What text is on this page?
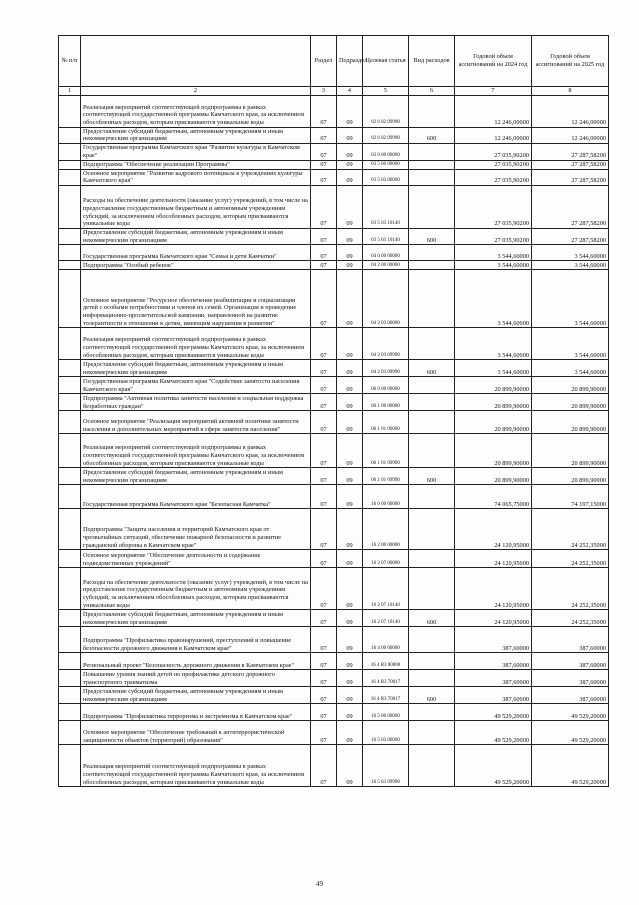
№ п/п		Раздел	Подраздел	Целевая статья	Вид расходов	Годовой объем ассигнований на 2024 год	Годовой объем ассигнований на 2025 год
1	2	3	4	5	6	7	8
	Реализация мероприятий соответствующей подпрограммы в рамках соответствующей государственной программы Камчатского края, за исключением обособленных расходов, которым присваиваются уникальные коды	07	09	02 6 02 09990		12 246,00000	12 246,00000
	Предоставление субсидий бюджетным, автономным учреждениям и иным некоммерческим организациям	07	09	02 6 02 09990	600	12 246,00000	12 246,00000
	Государственная программа Камчатского края "Развитие культуры в Камчатском крае"	07	09	03 0 00 00000		27 035,90200	27 287,58200
	Подпрограмма "Обеспечение реализации Программы"	07	09	03 5 00 00000		27 035,90200	27 287,58200
	Основное мероприятие "Развитие кадрового потенциала в учреждениях культуры Камчатского края"	07	09	03 5 03 00000		27 035,90200	27 287,58200
	Расходы на обеспечение деятельности (оказание услуг) учреждений, в том числе на предоставление государственным бюджетным и автономным учреждениям субсидий, за исключением обособленных расходов, которым присваиваются уникальные коды	07	09	03 5 03 10140		27 035,90200	27 287,58200
	Предоставление субсидий бюджетным, автономным учреждениям и иным некоммерческим организациям	07	09	03 5 03 10140	600	27 035,90200	27 287,58200
	Государственная программа Камчатского края "Семья и дети Камчатки"	07	09	04 0 00 00000		3 544,60000	3 544,60000
	Подпрограмма "Особый ребенок"	07	09	04 2 00 00000		3 544,60000	3 544,60000
	Основное мероприятие "Ресурсное обеспечение реабилитации и социализации детей с особыми потребностями и членов их семей. Организация и проведение информационно-просветительской кампании, направленной на развитие толерантности в отношении к детям, имеющим нарушения в развитии"	07	09	04 2 03 00000		3 544,60000	3 544,60000
	Реализация мероприятий соответствующей подпрограммы в рамках соответствующей государственной программы Камчатского края, за исключением обособленных расходов, которым присваиваются уникальные коды	07	09	04 2 03 09990		3 544,60000	3 544,60000
	Предоставление субсидий бюджетным, автономным учреждениям и иным некоммерческим организациям	07	09	04 2 03 09990	600	3 544,60000	3 544,60000
	Государственная программа Камчатского края "Содействие занятости населения Камчатского края"	07	09	06 0 00 00000		20 899,90000	20 899,90000
	Подпрограмма "Активная политика занятости населения и социальная поддержка безработных граждан"	07	09	06 1 00 00000		20 899,90000	20 899,90000
	Основное мероприятие "Реализация мероприятий активной политики занятости населения и дополнительных мероприятий в сфере занятости населения"	07	09	06 1 01 00000		20 899,90000	20 899,90000
	Реализация мероприятий соответствующей подпрограммы в рамках соответствующей государственной программы Камчатского края, за исключением обособленных расходов, которым присваиваются уникальные коды	07	09	06 1 01 09990		20 899,90000	20 899,90000
	Предоставление субсидий бюджетным, автономным учреждениям и иным некоммерческим организациям	07	09	06 1 01 09990	600	20 899,90000	20 899,90000
	Государственная программа Камчатского края "Безопасная Камчатка"	07	09	16 0 00 00000		74 065,75000	74 197,15000
	Подпрограмма "Защита населения и территорий Камчатского края от чрезвычайных ситуаций, обеспечение пожарной безопасности и развитие гражданской обороны в Камчатском крае"	07	09	16 2 00 00000		24 120,95000	24 252,35000
	Основное мероприятие "Обеспечение деятельности и содержание подведомственных учреждений"	07	09	16 2 07 00000		24 120,95000	24 252,35000
	Расходы на обеспечение деятельности (оказание услуг) учреждений, в том числе на предоставление государственным бюджетным и автономным учреждениям субсидий, за исключением обособленных расходов, которым присваиваются уникальные коды	07	09	16 2 07 10140		24 120,95000	24 252,35000
	Предоставление субсидий бюджетным, автономным учреждениям и иным некоммерческим организациям	07	09	16 2 07 10140	600	24 120,95000	24 252,35000
	Подпрограмма "Профилактика правонарушений, преступлений и повышение безопасности дорожного движения в Камчатском крае"	07	09	16 4 00 00000		387,60000	387,60000
	Региональный проект "Безопасность дорожного движения в Камчатском крае"	07	09	16 4 R3 00000		387,60000	387,60000
	Повышение уровня знаний детей по профилактике детского дорожного транспортного травматизма	07	09	16 4 R3 70017		387,60000	387,60000
	Предоставление субсидий бюджетным, автономным учреждениям и иным некоммерческим организациям	07	09	16 4 R3 70017	600	387,60000	387,60000
	Подпрограмма "Профилактика терроризма и экстремизма в Камчатском крае"	07	09	16 5 00 00000		49 529,20000	49 529,20000
	Основное мероприятие "Обеспечение требований к антитеррористической защищенности объектов (территорий) образования"	07	09	16 5 03 00000		49 529,20000	49 529,20000
	Реализация мероприятий соответствующей подпрограммы в рамках соответствующей государственной программы Камчатского края, за исключением обособленных расходов, которым присваиваются уникальные коды	07	09	16 5 03 09990		49 529,20000	49 529,20000
49
